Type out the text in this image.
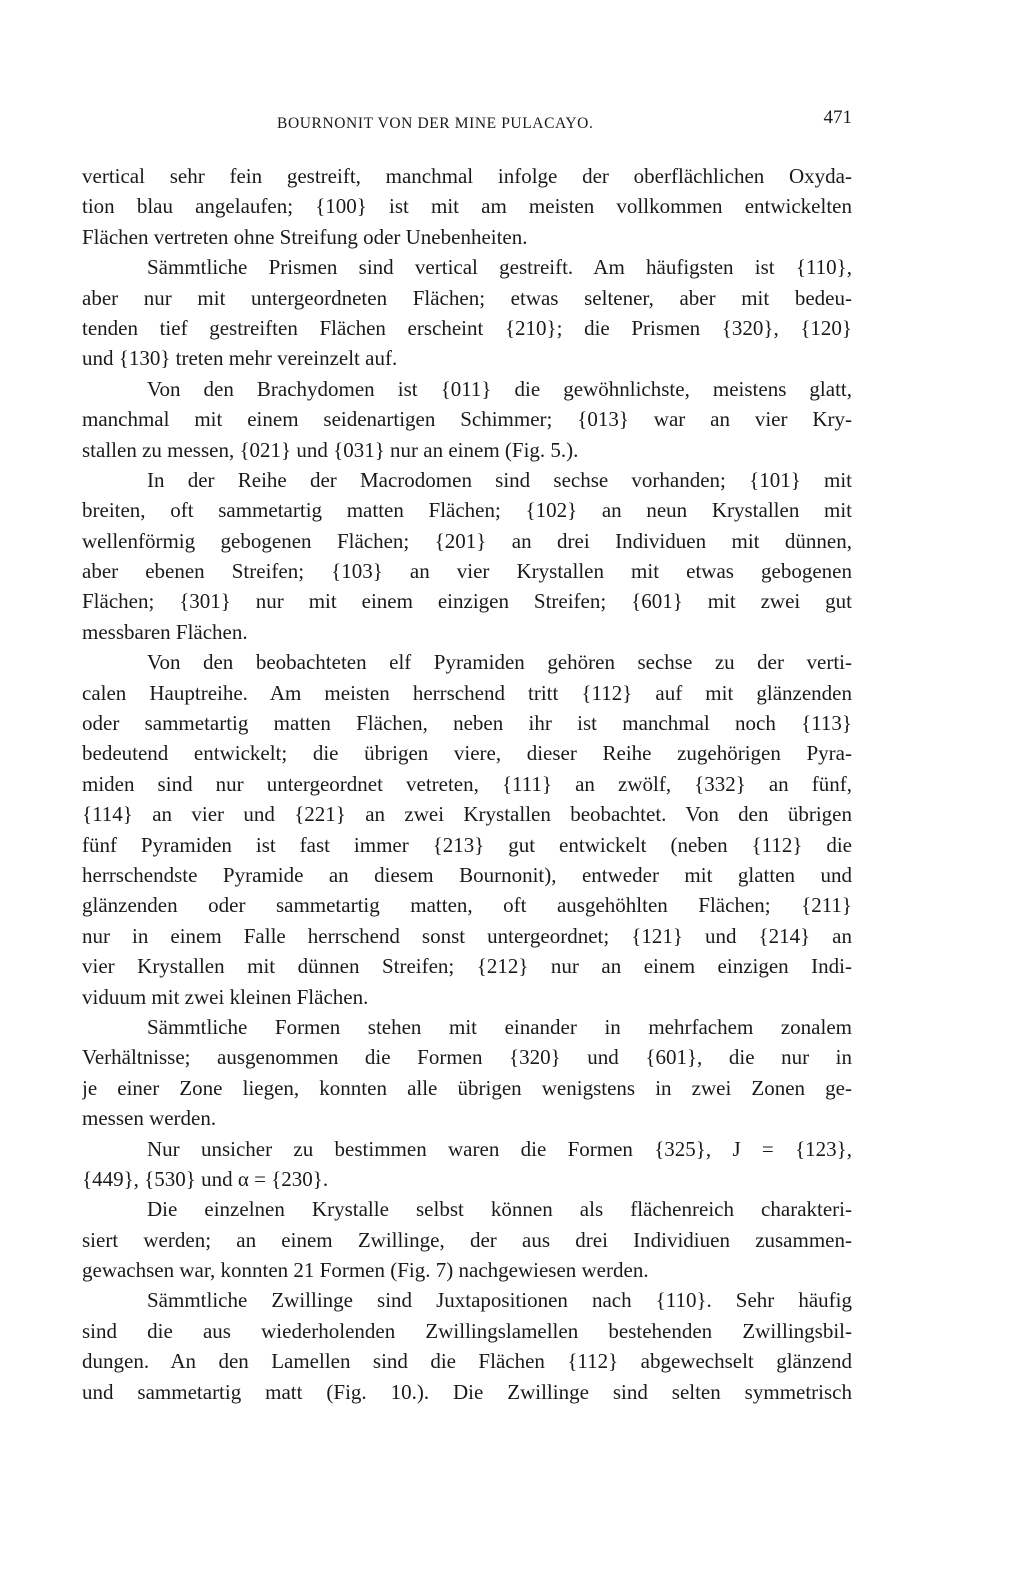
BOURNONIT VON DER MINE PULACAYO.	471
vertical sehr fein gestreift, manchmal infolge der oberflächlichen Oxyda-
tion blau angelaufen; {100} ist mit am meisten vollkommen entwickelten
Flächen vertreten ohne Streifung oder Unebenheiten.
Sämmtliche Prismen sind vertical gestreift. Am häufigsten ist {110},
aber nur mit untergeordneten Flächen; etwas seltener, aber mit bedeu-
tenden tief gestreiften Flächen erscheint {210}; die Prismen {320}, {120}
und {130} treten mehr vereinzelt auf.
Von den Brachydomen ist {011} die gewöhnlichste, meistens glatt,
manchmal mit einem seidenartigen Schimmer; {013} war an vier Kry-
stallen zu messen, {021} und {031} nur an einem (Fig. 5.).
In der Reihe der Macrodomen sind sechse vorhanden; {101} mit
breiten, oft sammetartig matten Flächen; {102} an neun Krystallen mit
wellenförmig gebogenen Flächen; {201} an drei Individuen mit dünnen,
aber ebenen Streifen; {103} an vier Krystallen mit etwas gebogenen
Flächen; {301} nur mit einem einzigen Streifen; {601} mit zwei gut
messbaren Flächen.
Von den beobachteten elf Pyramiden gehören sechse zu der verti-
calen Hauptreihe. Am meisten herrschend tritt {112} auf mit glänzenden
oder sammetartig matten Flächen, neben ihr ist manchmal noch {113}
bedeutend entwickelt; die übrigen viere, dieser Reihe zugehörigen Pyra-
miden sind nur untergeordnet vetreten, {111} an zwölf, {332} an fünf,
{114} an vier und {221} an zwei Krystallen beobachtet. Von den übrigen
fünf Pyramiden ist fast immer {213} gut entwickelt (neben {112} die
herrschendste Pyramide an diesem Bournonit), entweder mit glatten und
glänzenden oder sammetartig matten, oft ausgehöhlten Flächen; {211}
nur in einem Falle herrschend sonst untergeordnet; {121} und {214} an
vier Krystallen mit dünnen Streifen; {212} nur an einem einzigen Indi-
viduum mit zwei kleinen Flächen.
Sämmtliche Formen stehen mit einander in mehrfachem zonalem
Verhältnisse; ausgenommen die Formen {320} und {601}, die nur in
je einer Zone liegen, konnten alle übrigen wenigstens in zwei Zonen ge-
messen werden.
Nur unsicher zu bestimmen waren die Formen {325}, J = {123},
{449}, {530} und α = {230}.
Die einzelnen Krystalle selbst können als flächenreich charakteri-
siert werden; an einem Zwillinge, der aus drei Individiuen zusammen-
gewachsen war, konnten 21 Formen (Fig. 7) nachgewiesen werden.
Sämmtliche Zwillinge sind Juxtapositionen nach {110}. Sehr häufig
sind die aus wiederholenden Zwillingslamellen bestehenden Zwillingsbil-
dungen. An den Lamellen sind die Flächen {112} abgewechselt glänzend
und sammetartig matt (Fig. 10.). Die Zwillinge sind selten symmetrisch
